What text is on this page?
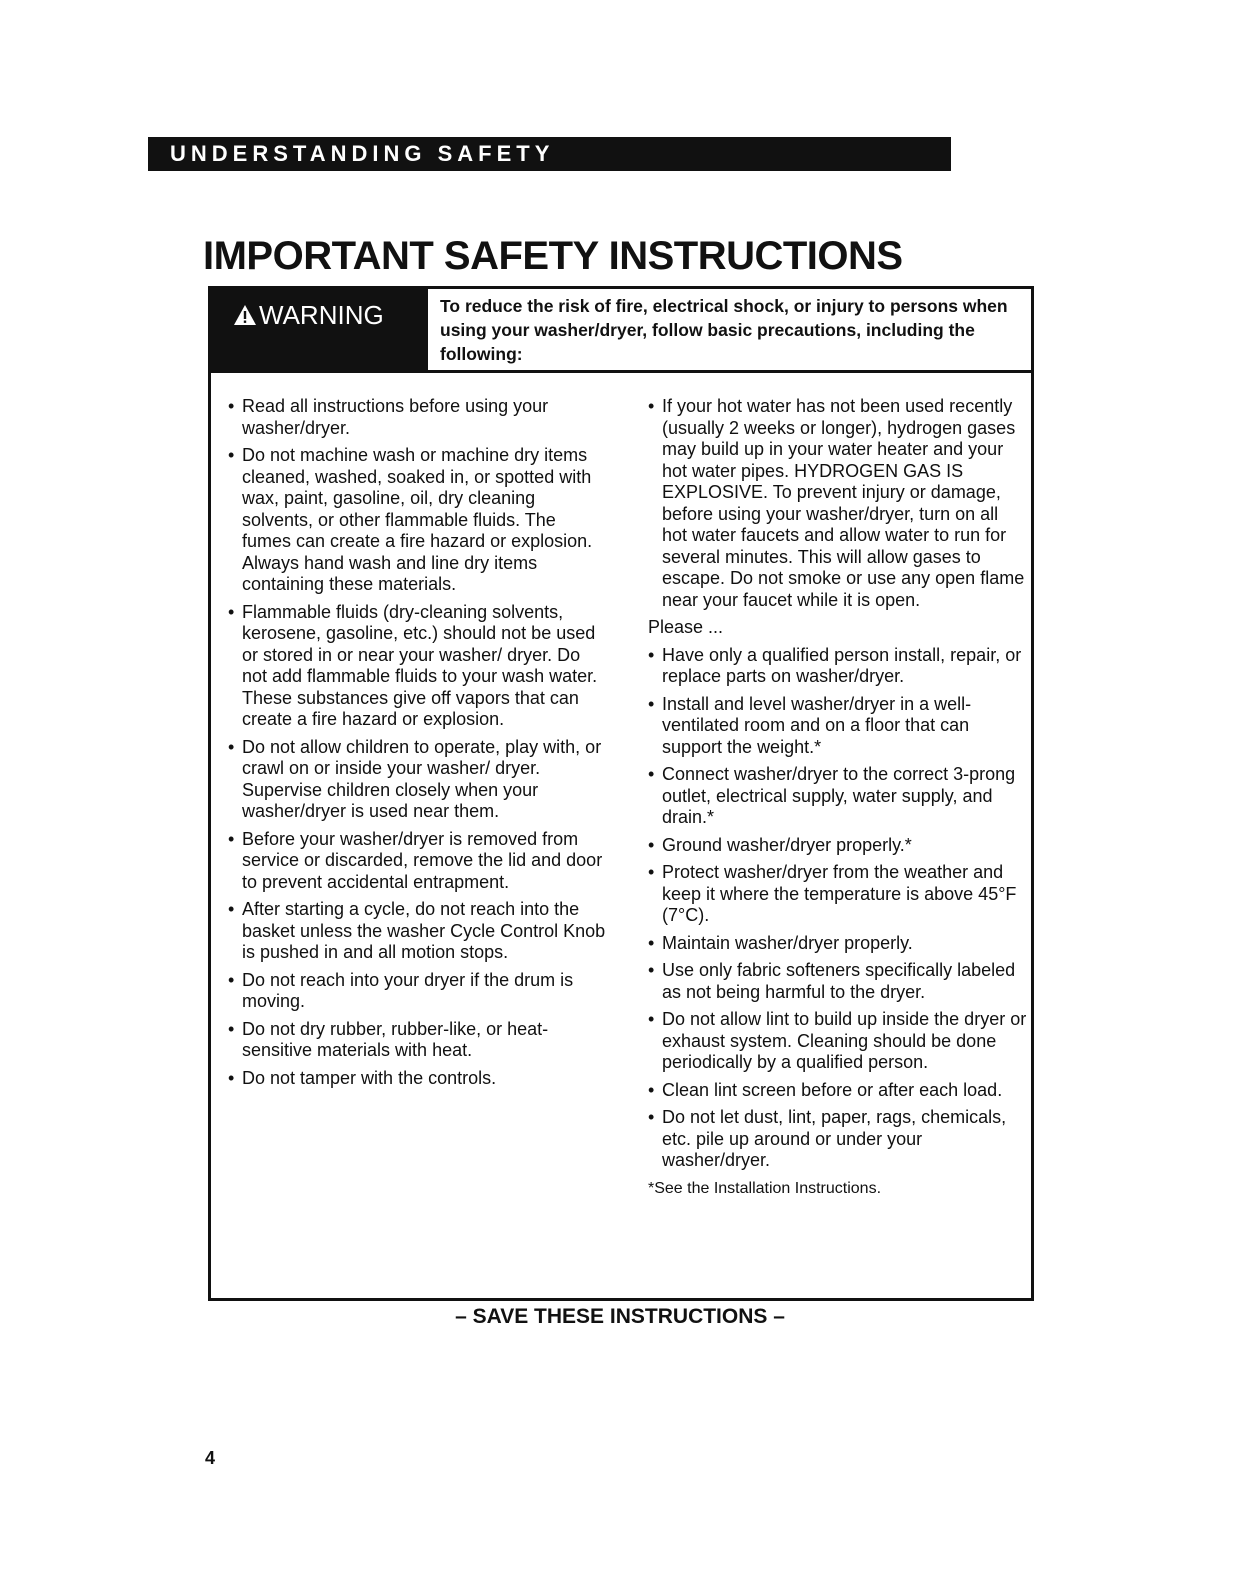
UNDERSTANDING SAFETY
IMPORTANT SAFETY INSTRUCTIONS
WARNING	To reduce the risk of fire, electrical shock, or injury to persons when using your washer/dryer, follow basic precautions, including the following:

• Read all instructions before using your washer/dryer.
• Do not machine wash or machine dry items cleaned, washed, soaked in, or spotted with wax, paint, gasoline, oil, dry cleaning solvents, or other flammable fluids. The fumes can create a fire hazard or explosion. Always hand wash and line dry items containing these materials.
• Flammable fluids (dry-cleaning solvents, kerosene, gasoline, etc.) should not be used or stored in or near your washer/ dryer. Do not add flammable fluids to your wash water. These substances give off vapors that can create a fire hazard or explosion.
• Do not allow children to operate, play with, or crawl on or inside your washer/ dryer. Supervise children closely when your washer/dryer is used near them.
• Before your washer/dryer is removed from service or discarded, remove the lid and door to prevent accidental entrapment.
• After starting a cycle, do not reach into the basket unless the washer Cycle Control Knob is pushed in and all motion stops.
• Do not reach into your dryer if the drum is moving.
• Do not dry rubber, rubber-like, or heat-sensitive materials with heat.
• Do not tamper with the controls.

• If your hot water has not been used recently (usually 2 weeks or longer), hydrogen gases may build up in your water heater and your hot water pipes. HYDROGEN GAS IS EXPLOSIVE. To prevent injury or damage, before using your washer/dryer, turn on all hot water faucets and allow water to run for several minutes. This will allow gases to escape. Do not smoke or use any open flame near your faucet while it is open.

Please ...

• Have only a qualified person install, repair, or replace parts on washer/dryer.
• Install and level washer/dryer in a well-ventilated room and on a floor that can support the weight.*
• Connect washer/dryer to the correct 3-prong outlet, electrical supply, water supply, and drain.*
• Ground washer/dryer properly.*
• Protect washer/dryer from the weather and keep it where the temperature is above 45°F (7°C).
• Maintain washer/dryer properly.
• Use only fabric softeners specifically labeled as not being harmful to the dryer.
• Do not allow lint to build up inside the dryer or exhaust system. Cleaning should be done periodically by a qualified person.
• Clean lint screen before or after each load.
• Do not let dust, lint, paper, rags, chemicals, etc. pile up around or under your washer/dryer.

*See the Installation Instructions.

– SAVE THESE INSTRUCTIONS –

4
